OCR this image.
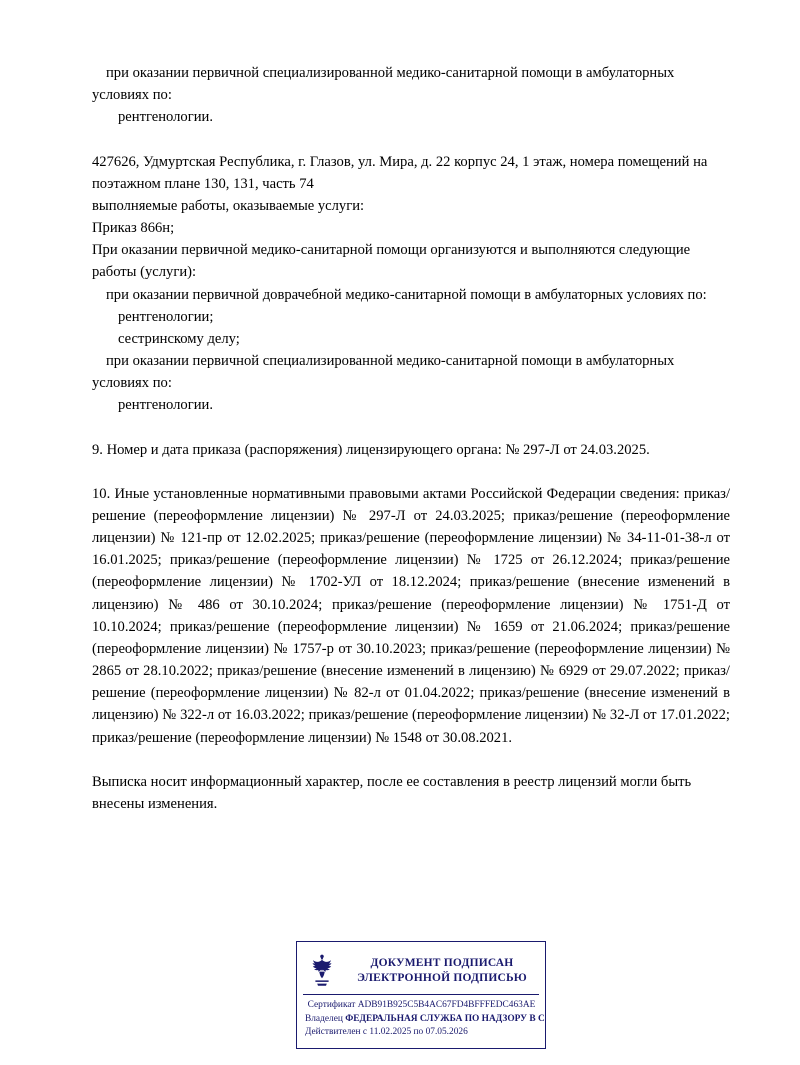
при оказании первичной специализированной медико-санитарной помощи в амбулаторных условиях по:

рентгенологии.

427626, Удмуртская Республика, г. Глазов, ул. Мира, д. 22 корпус 24, 1 этаж, номера помещений на поэтажном плане 130, 131, часть 74

выполняемые работы, оказываемые услуги:

Приказ 866н;

При оказании первичной медико-санитарной помощи организуются и выполняются следующие работы (услуги):

при оказании первичной доврачебной медико-санитарной помощи в амбулаторных условиях по:

рентгенологии;

сестринскому делу;

при оказании первичной специализированной медико-санитарной помощи в амбулаторных условиях по:

рентгенологии.

9. Номер и дата приказа (распоряжения) лицензирующего органа: № 297-Л от 24.03.2025.

10. Иные установленные нормативными правовыми актами Российской Федерации сведения: приказ/решение (переоформление лицензии) № 297-Л от 24.03.2025; приказ/решение (переоформление лицензии) № 121-пр от 12.02.2025; приказ/решение (переоформление лицензии) № 34-11-01-38-л от 16.01.2025; приказ/решение (переоформление лицензии) № 1725 от 26.12.2024; приказ/решение (переоформление лицензии) № 1702-УЛ от 18.12.2024; приказ/решение (внесение изменений в лицензию) № 486 от 30.10.2024; приказ/решение (переоформление лицензии) № 1751-Д от 10.10.2024; приказ/решение (переоформление лицензии) № 1659 от 21.06.2024; приказ/решение (переоформление лицензии) № 1757-р от 30.10.2023; приказ/решение (переоформление лицензии) № 2865 от 28.10.2022; приказ/решение (внесение изменений в лицензию) № 6929 от 29.07.2022; приказ/решение (переоформление лицензии) № 82-л от 01.04.2022; приказ/решение (внесение изменений в лицензию) № 322-л от 16.03.2022; приказ/решение (переоформление лицензии) № 32-Л от 17.01.2022; приказ/решение (переоформление лицензии) № 1548 от 30.08.2021.

Выписка носит информационный характер, после ее составления в реестр лицензий могли быть внесены изменения.

ДОКУМЕНТ ПОДПИСАН
ЭЛЕКТРОННОЙ ПОДПИСЬЮ
Сертификат ADB91B925C5B4AC67FD4BFFFEDC463AE
Владелец ФЕДЕРАЛЬНАЯ СЛУЖБА ПО НАДЗОРУ В С
Действителен с 11.02.2025 по 07.05.2026
